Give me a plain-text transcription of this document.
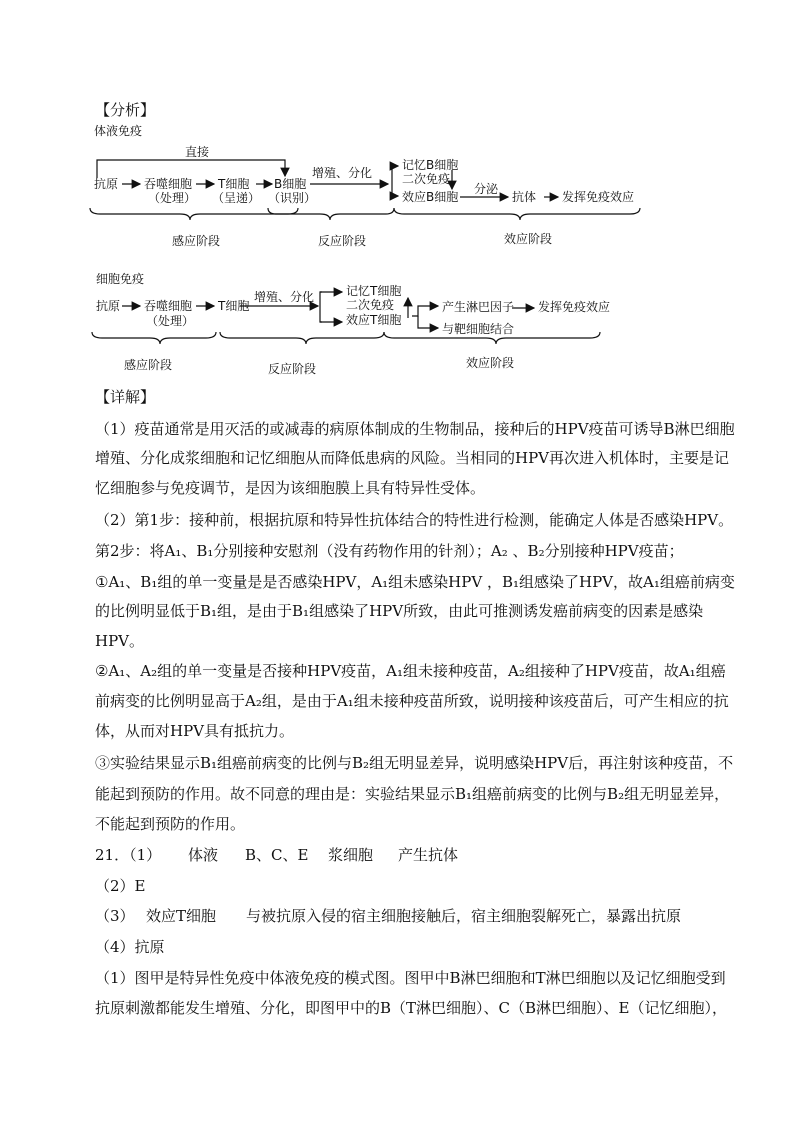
【分析】
体液免疫
直接
抗原 吞噬细胞
（处理）
T细胞
（呈递）
B细胞
（识别）
增殖、分化
记忆B细胞
二次免疫
效应B细胞
分泌
抗体 发挥免疫效应
感应阶段	反应阶段	效应阶段
细胞免疫
抗原 吞噬细胞
（处理）
T细胞
增殖、分化	记忆T细胞
二次免疫
效应T细胞
产生淋巴因子
与靶细胞结合
发挥免疫效应
感应阶段	反应阶段	效应阶段
【详解】
（1）疫苗通常是用灭活的或减毒的病原体制成的生物制品，接种后的HPV疫苗可诱导B淋巴细胞
增殖、分化成浆细胞和记忆细胞从而降低患病的风险。当相同的HPV再次进入机体时，主要是记
忆细胞参与免疫调节，是因为该细胞膜上具有特异性受体。
（2）第1步：接种前，根据抗原和特异性抗体结合的特性进行检测，能确定人体是否感染HPV。
第2步：将A₁、B₁分别接种安慰剂（没有药物作用的针剂）；A₂ 、B₂分别接种HPV疫苗；
①A₁、B₁组的单一变量是是否感染HPV，A₁组未感染HPV ，B₁组感染了HPV，故A₁组癌前病变
的比例明显低于B₁组，是由于B₁组感染了HPV所致，由此可推测诱发癌前病变的因素是感染
HPV。
②A₁、A₂组的单一变量是否接种HPV疫苗，A₁组未接种疫苗，A₂组接种了HPV疫苗，故A₁组癌
前病变的比例明显高于A₂组，是由于A₁组未接种疫苗所致，说明接种该疫苗后，可产生相应的抗
体，从而对HPV具有抵抗力。
③实验结果显示B₁组癌前病变的比例与B₂组无明显差异，说明感染HPV后，再注射该种疫苗，不
能起到预防的作用。故不同意的理由是：实验结果显示B₁组癌前病变的比例与B₂组无明显差异，
不能起到预防的作用。
21．（1） 体液 B、C、E 浆细胞 产生抗体
（2）E
（3） 效应T细胞 与被抗原入侵的宿主细胞接触后，宿主细胞裂解死亡，暴露出抗原
（4）抗原
（1）图甲是特异性免疫中体液免疫的模式图。图甲中B淋巴细胞和T淋巴细胞以及记忆细胞受到
抗原刺激都能发生增殖、分化，即图甲中的B（T淋巴细胞）、C（B淋巴细胞）、E（记忆细胞），
